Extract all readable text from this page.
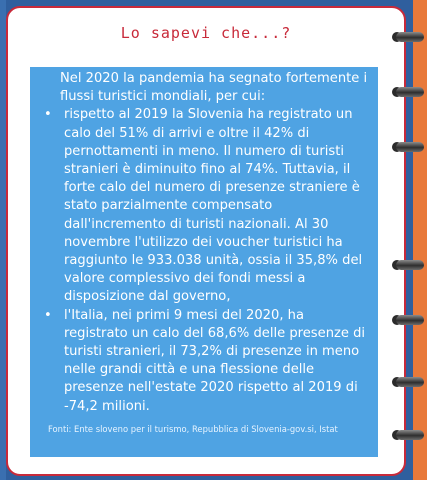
Lo sapevi che...?

Nel 2020 la pandemia ha segnato fortemente i flussi turistici mondiali, per cui:

• rispetto al 2019 la Slovenia ha registrato un calo del 51% di arrivi e oltre il 42% di pernottamenti in meno. Il numero di turisti stranieri è diminuito fino al 74%. Tuttavia, il forte calo del numero di presenze straniere è stato parzialmente compensato dall'incremento di turisti nazionali. Al 30 novembre l'utilizzo dei voucher turistici ha raggiunto le 933.038 unità, ossia il 35,8% del valore complessivo dei fondi messi a disposizione dal governo,
• l'Italia, nei primi 9 mesi del 2020, ha registrato un calo del 68,6% delle presenze di turisti stranieri, il 73,2% di presenze in meno nelle grandi città e una flessione delle presenze nell'estate 2020 rispetto al 2019 di -74,2 milioni.
Fonti: Ente sloveno per il turismo, Repubblica di Slovenia-gov.si, Istat
